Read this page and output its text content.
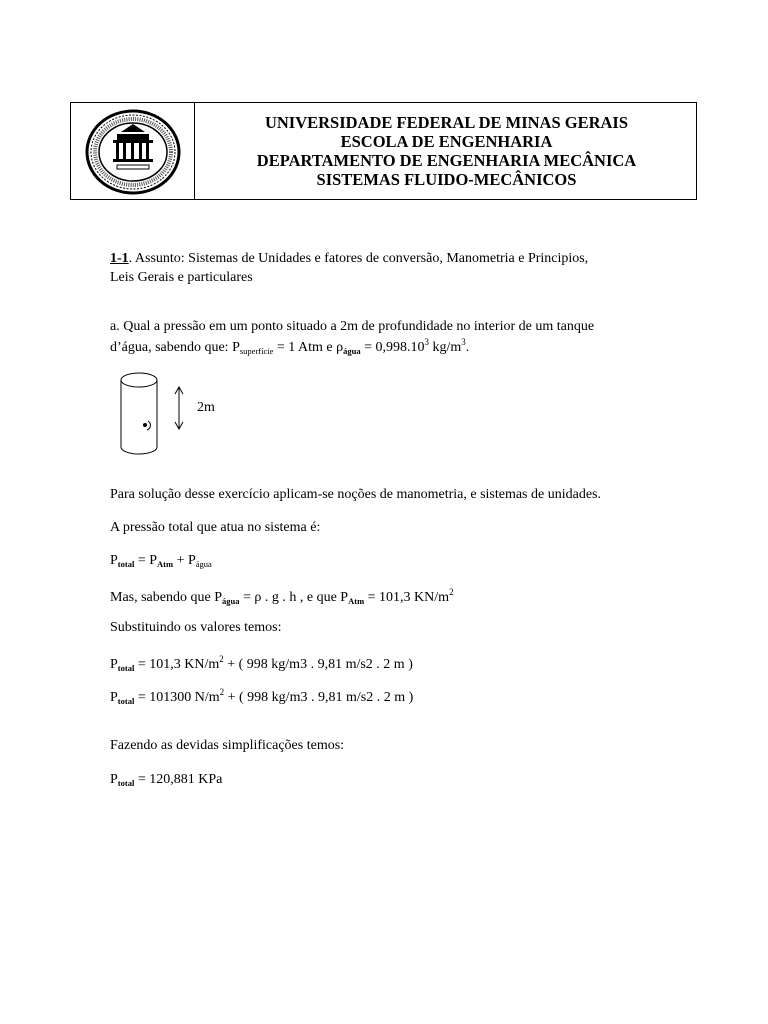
UNIVERSIDADE FEDERAL DE MINAS GERAIS
ESCOLA DE ENGENHARIA
DEPARTAMENTO DE ENGENHARIA MECÂNICA
SISTEMAS FLUIDO-MECÂNICOS
1-1. Assunto: Sistemas de Unidades e fatores de conversão, Manometria e Principios,
Leis Gerais e particulares
a. Qual a pressão em um ponto situado a 2m de profundidade no interior de um tanque
d’água, sabendo que: $P_{superfície} = 1$ Atm e $\rho_{água} = 0,998.10^3$ $kg/m^3$.
2m
Para solução desse exercício aplicam-se noções de manometria, e sistemas de unidades.
A pressão total que atua no sistema é:
$P_{total} = P_{Atm} + P_{água}$
Mas, sabendo que $P_{água} = \rho$ . g . h , e que $P_{Atm} = 101,3$ $KN/m^2$
Substituindo os valores temos:
$P_{total} = 101,3$ $KN/m^2$ + ( 998 kg/m3 . 9,81 m/s2 . 2 m )
$P_{total} = 101300$ $N/m^2$ + ( 998 kg/m3 . 9,81 m/s2 . 2 m )
Fazendo as devidas simplificações temos:
$P_{total} = 120,881$ KPa
